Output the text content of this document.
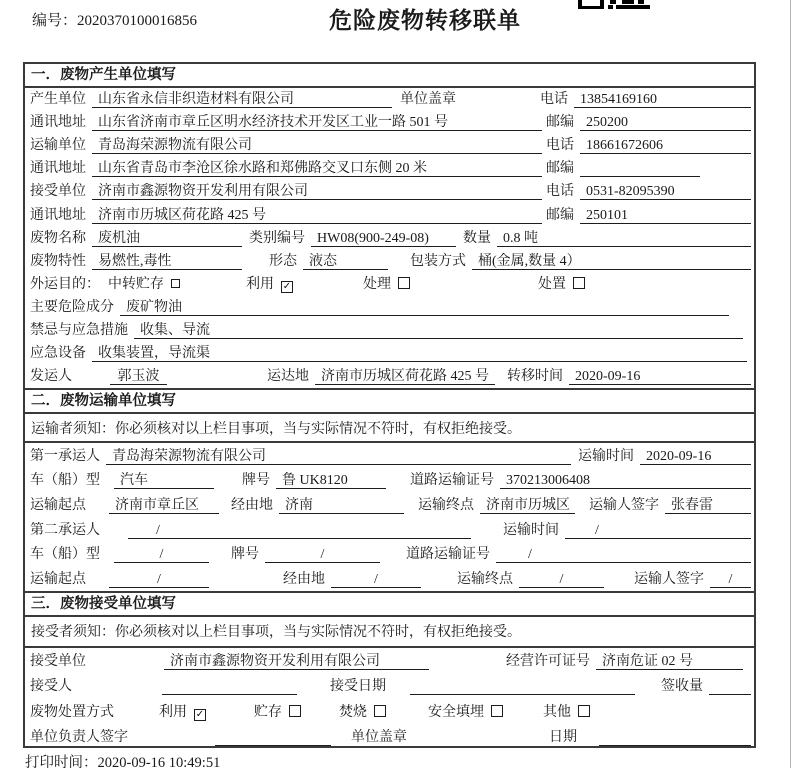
编号：2020370100016856	危险废物转移联单
一．废物产生单位填写
产生单位 山东省永信非织造材料有限公司	单位盖章	电话 13854169160
通讯地址 山东省济南市章丘区明水经济技术开发区工业一路 501 号	邮编 250200
运输单位 青岛海荣源物流有限公司	电话 18661672606
通讯地址 山东省青岛市李沧区徐水路和郑佛路交叉口东侧 20 米	邮编
接受单位 济南市鑫源物资开发利用有限公司	电话 0531-82095390
通讯地址 济南市历城区荷花路 425 号	邮编 250101
废物名称 废机油	类别编号 HW08(900-249-08)	数量 0.8 吨
废物特性 易燃性,毒性	形态 液态	包装方式 桶(金属,数量 4）
外运目的： 中转贮存	利用 ✓	处理	处置
主要危险成分 废矿物油
禁忌与应急措施 收集、导流
应急设备 收集装置，导流渠
发运人	郭玉波	运达地 济南市历城区荷花路 425 号	转移时间 2020-09-16
二．废物运输单位填写
运输者须知：你必须核对以上栏目事项，当与实际情况不符时，有权拒绝接受。
第一承运人 青岛海荣源物流有限公司	运输时间 2020-09-16
车（船）型	汽车	牌号 鲁 UK8120	道路运输证号 370213006408
运输起点	济南市章丘区	经由地 济南	运输终点 济南市历城区	运输人签字 张春雷
第二承运人	/	运输时间	/
车（船）型	/	牌号	/	道路运输证号	/
运输起点	/	经由地	/	运输终点	/	运输人签字	/
三．废物接受单位填写
接受者须知：你必须核对以上栏目事项，当与实际情况不符时，有权拒绝接受。
接受单位	济南市鑫源物资开发利用有限公司	经营许可证号 济南危证 02 号
接受人	接受日期	签收量
废物处置方式	利用 ✓	贮存	焚烧	安全填埋	其他
单位负责人签字	单位盖章	日期
打印时间：2020-09-16 10:49:51
